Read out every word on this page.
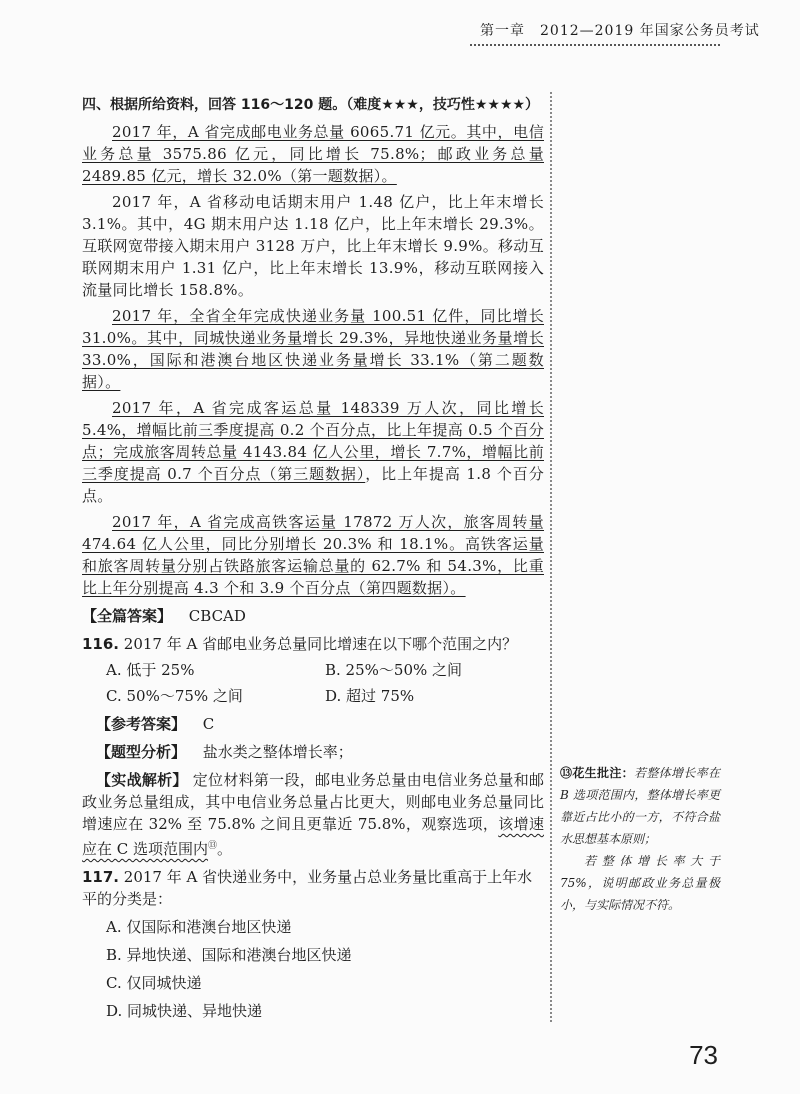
第一章　2012—2019 年国家公务员考试
四、根据所给资料，回答 116～120 题。（难度★★★，技巧性★★★★）
2017 年，A 省完成邮电业务总量 6065.71 亿元。其中，电信业务总量 3575.86 亿元，同比增长 75.8%；邮政业务总量 2489.85 亿元，增长 32.0%（第一题数据）。
2017 年，A 省移动电话期末用户 1.48 亿户，比上年末增长 3.1%。其中，4G 期末用户达 1.18 亿户，比上年末增长 29.3%。互联网宽带接入期末用户 3128 万户，比上年末增长 9.9%。移动互联网期末用户 1.31 亿户，比上年末增长 13.9%，移动互联网接入流量同比增长 158.8%。
2017 年，全省全年完成快递业务量 100.51 亿件，同比增长 31.0%。其中，同城快递业务量增长 29.3%，异地快递业务量增长 33.0%，国际和港澳台地区快递业务量增长 33.1%（第二题数据）。
2017 年，A 省完成客运总量 148339 万人次，同比增长 5.4%，增幅比前三季度提高 0.2 个百分点，比上年提高 0.5 个百分点；完成旅客周转总量 4143.84 亿人公里，增长 7.7%，增幅比前三季度提高 0.7 个百分点（第三题数据），比上年提高 1.8 个百分点。
2017 年，A 省完成高铁客运量 17872 万人次，旅客周转量 474.64 亿人公里，同比分别增长 20.3% 和 18.1%。高铁客运量和旅客周转量分别占铁路旅客运输总量的 62.7% 和 54.3%，比重比上年分别提高 4.3 个和 3.9 个百分点（第四题数据）。
【全篇答案】 CBCAD
116. 2017 年 A 省邮电业务总量同比增速在以下哪个范围之内？
A. 低于 25%	B. 25%～50% 之间
C. 50%～75% 之间	D. 超过 75%
【参考答案】 C
【题型分析】 盐水类之整体增长率；
【实战解析】 定位材料第一段，邮电业务总量由电信业务总量和邮政业务总量组成，其中电信业务总量占比更大，则邮电业务总量同比增速应在 32% 至 75.8% 之间且更靠近 75.8%，观察选项，该增速应在 C 选项范围内⑬。
117. 2017 年 A 省快递业务中，业务量占总业务量比重高于上年水平的分类是：
A. 仅国际和港澳台地区快递
B. 异地快递、国际和港澳台地区快递
C. 仅同城快递
D. 同城快递、异地快递

⑬花生批注：若整体增长率在 B 选项范围内，整体增长率更靠近占比小的一方，不符合盐水思想基本原则；

若整体增长率大于 75%，说明邮政业务总量极小，与实际情况不符。

73
